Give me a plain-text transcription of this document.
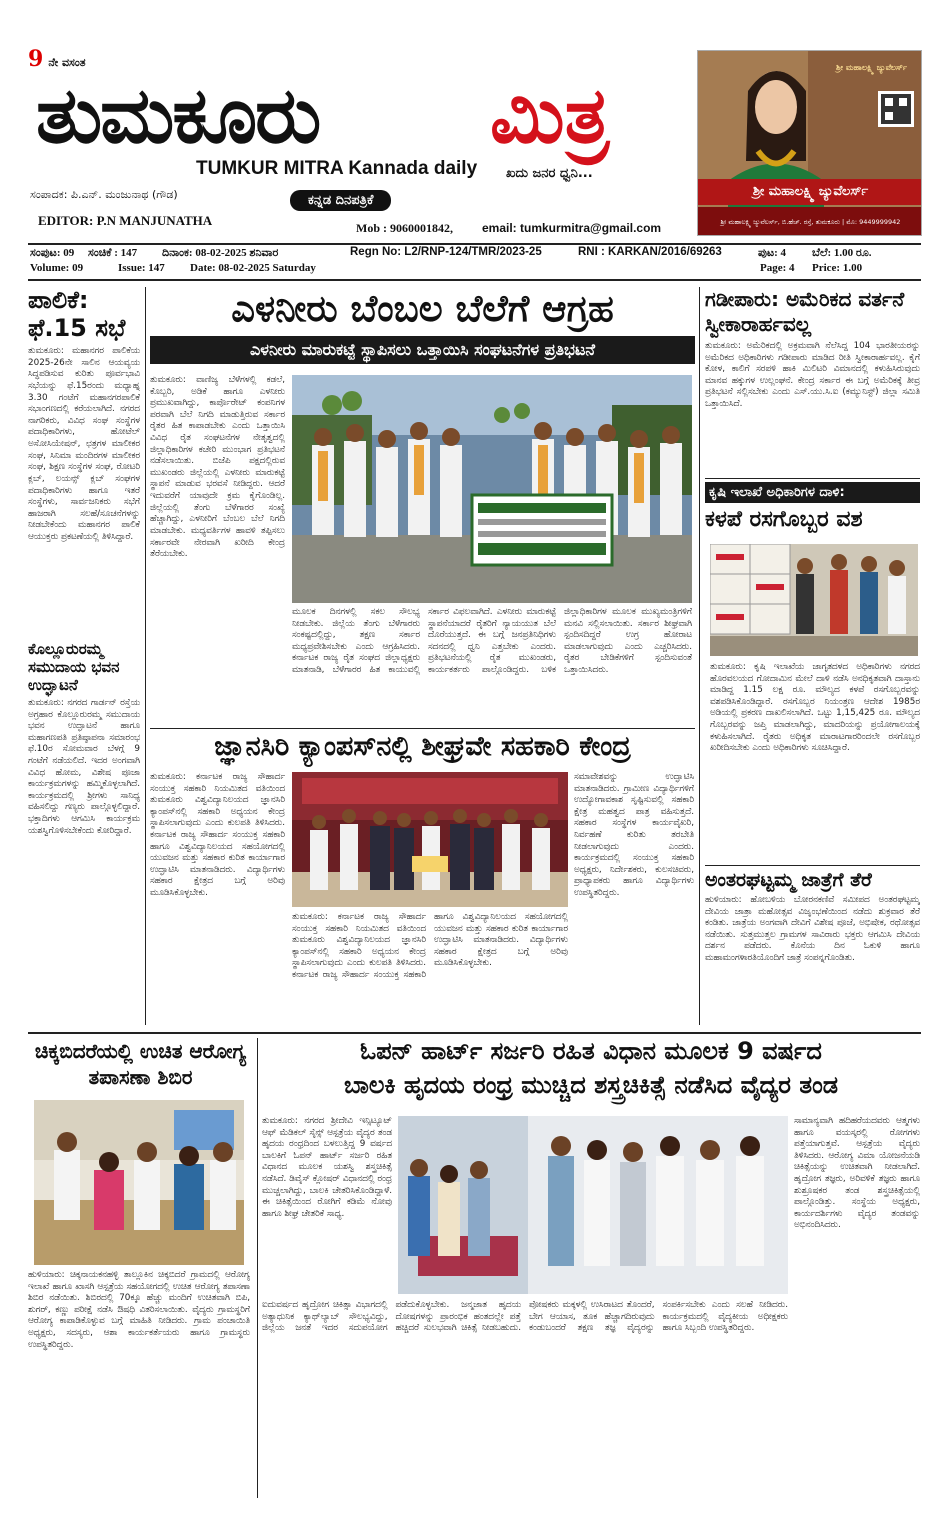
9 ನೇ ವಸಂತ
ತುಮಕೂರು ಮಿತ್ರ
TUMKUR MITRA Kannada daily ಖದು ಜನರ ಧ್ವನಿ...
ಸಂಪಾದಕ: ಪಿ.ಎನ್. ಮಂಜುನಾಥ (ಗೌಡ)	ಕನ್ನಡ ದಿನಪತ್ರಿಕೆ
EDITOR: P.N MANJUNATHA	Mob : 9060001842, email: tumkurmitra@gmail.com
ಶ್ರೀ ಮಹಾಲಕ್ಷ್ಮಿ ಜ್ಯುವೆಲರ್ಸ್
ಶ್ರೀ ಮಹಾಲಕ್ಷ್ಮಿ ಜ್ಯುವೆಲರ್ಸ್
ಶ್ರೀ ಮಹಾಲಕ್ಷ್ಮಿ ಜ್ಯುವೆಲರ್ಸ್, ಬಿ.ಹೆಚ್. ರಸ್ತೆ, ತುಮಕೂರು | ಮೊ: 9449999942
ಸಂಪುಟ: 09 ಸಂಚಿಕೆ : 147 ದಿನಾಂಕ: 08-02-2025 ಶನಿವಾರ	Regn No: L2/RNP-124/TMR/2023-25	RNI : KARKAN/2016/69263	ಪುಟ: 4 ಬೆಲೆ: 1.00 ರೂ.
Volume: 09	Issue: 147 Date: 08-02-2025 Saturday	Page: 4 Price: 1.00
ಪಾಲಿಕೆ: ಫೆ.15 ಸಭೆ
ತುಮಕೂರು: ಮಹಾನಗರ ಪಾಲಿಕೆಯ 2025-26ನೇ ಸಾಲಿನ ಆಯವ್ಯಯ ಸಿದ್ಧಪಡಿಸುವ ಕುರಿತು ಪೂರ್ವಭಾವಿ ಸಭೆಯನ್ನು ಫೆ.15ರಂದು ಮಧ್ಯಾಹ್ನ 3.30 ಗಂಟೆಗೆ ಮಹಾನಗರಪಾಲಿಕೆ ಸಭಾಂಗಣದಲ್ಲಿ ಕರೆಯಲಾಗಿದೆ. ನಗರದ ನಾಗರಿಕರು, ವಿವಿಧ ಸಂಘ ಸಂಸ್ಥೆಗಳ ಪದಾಧಿಕಾರಿಗಳು, ಹೋಟೆಲ್ ಅಸೋಸಿಯೇಷನ್, ಛತ್ರಗಳ ಮಾಲೀಕರ ಸಂಘ, ಸಿನಿಮಾ ಮಂದಿರಗಳ ಮಾಲೀಕರ ಸಂಘ, ಶಿಕ್ಷಣ ಸಂಸ್ಥೆಗಳ ಸಂಘ, ರೋಟರಿ ಕ್ಲಬ್, ಲಯನ್ಸ್ ಕ್ಲಬ್ ಸಂಘಗಳ ಪದಾಧಿಕಾರಿಗಳು ಹಾಗೂ ಇತರೆ ಸಂಸ್ಥೆಗಳು, ಸಾರ್ವಜನಿಕರು ಸಭೆಗೆ ಹಾಜರಾಗಿ ಸಲಹೆ/ಸೂಚನೆಗಳನ್ನು ನೀಡಬೇಕೆಂದು ಮಹಾನಗರ ಪಾಲಿಕೆ ಆಯುಕ್ತರು ಪ್ರಕಟಣೆಯಲ್ಲಿ ತಿಳಿಸಿದ್ದಾರೆ.
ಕೊಲ್ಲೂರುರಮ್ಮ ಸಮುದಾಯ ಭವನ ಉದ್ಘಾಟನೆ
ತುಮಕೂರು: ನಗರದ ಗಾರ್ಡನ್ ರಸ್ತೆಯ ಅಗ್ರಹಾರ ಕೊಲ್ಲೂರುರಮ್ಮ ಸಮುದಾಯ ಭವನ ಉದ್ಘಾಟನೆ ಹಾಗೂ ಮಹಾಗಣಪತಿ ಪ್ರತಿಷ್ಠಾಪನಾ ಸಮಾರಂಭ ಫೆ.10ರ ಸೋಮವಾರ ಬೆಳಗ್ಗೆ 9 ಗಂಟೆಗೆ ನಡೆಯಲಿದೆ. ಇದರ ಅಂಗವಾಗಿ ವಿವಿಧ ಹೋಮ, ವಿಶೇಷ ಪೂಜಾ ಕಾರ್ಯಕ್ರಮಗಳನ್ನು ಹಮ್ಮಿಕೊಳ್ಳಲಾಗಿದೆ. ಕಾರ್ಯಕ್ರಮದಲ್ಲಿ ಶ್ರೀಗಳು ಸಾನಿಧ್ಯ ವಹಿಸಲಿದ್ದು ಗಣ್ಯರು ಪಾಲ್ಗೊಳ್ಳಲಿದ್ದಾರೆ. ಭಕ್ತಾದಿಗಳು ಆಗಮಿಸಿ ಕಾರ್ಯಕ್ರಮ ಯಶಸ್ವಿಗೊಳಿಸಬೇಕೆಂದು ಕೋರಿದ್ದಾರೆ.
ಎಳನೀರು ಬೆಂಬಲ ಬೆಲೆಗೆ ಆಗ್ರಹ
ಎಳನೀರು ಮಾರುಕಟ್ಟೆ ಸ್ಥಾಪಿಸಲು ಒತ್ತಾಯಿಸಿ ಸಂಘಟನೆಗಳ ಪ್ರತಿಭಟನೆ
ತುಮಕೂರು: ವಾಣಿಜ್ಯ ಬೆಳೆಗಳಲ್ಲಿ ಕಡಲೆ, ಕೊಬ್ಬರಿ, ಅಡಿಕೆ ಹಾಗೂ ಎಳನೀರು ಪ್ರಮುಖವಾಗಿದ್ದು, ಕಾರ್ಪೊರೇಟ್ ಕಂಪನಿಗಳ ಪರವಾಗಿ ಬೆಲೆ ನಿಗದಿ ಮಾಡುತ್ತಿರುವ ಸರ್ಕಾರ ರೈತರ ಹಿತ ಕಾಪಾಡಬೇಕು ಎಂದು ಒತ್ತಾಯಿಸಿ ವಿವಿಧ ರೈತ ಸಂಘಟನೆಗಳ ನೇತೃತ್ವದಲ್ಲಿ ಜಿಲ್ಲಾಧಿಕಾರಿಗಳ ಕಚೇರಿ ಮುಂಭಾಗ ಪ್ರತಿಭಟನೆ ನಡೆಸಲಾಯಿತು. ಬಿಜೆಪಿ ಪಕ್ಷದಲ್ಲಿರುವ ಮುಖಂಡರು ಜಿಲ್ಲೆಯಲ್ಲಿ ಎಳನೀರು ಮಾರುಕಟ್ಟೆ ಸ್ಥಾಪನೆ ಮಾಡುವ ಭರವಸೆ ನೀಡಿದ್ದರು. ಆದರೆ ಇದುವರೆಗೆ ಯಾವುದೇ ಕ್ರಮ ಕೈಗೊಂಡಿಲ್ಲ. ಜಿಲ್ಲೆಯಲ್ಲಿ ತೆಂಗು ಬೆಳೆಗಾರರ ಸಂಖ್ಯೆ ಹೆಚ್ಚಾಗಿದ್ದು, ಎಳನೀರಿಗೆ ಬೆಂಬಲ ಬೆಲೆ ನಿಗದಿ ಮಾಡಬೇಕು. ಮಧ್ಯವರ್ತಿಗಳ ಹಾವಳಿ ತಪ್ಪಿಸಲು ಸರ್ಕಾರವೇ ನೇರವಾಗಿ ಖರೀದಿ ಕೇಂದ್ರ ತೆರೆಯಬೇಕು.
ಮೂಲಕ ದಿನಗಳಲ್ಲಿ ಸಕಲ ಸೌಲಭ್ಯ ನೀಡಬೇಕು. ಜಿಲ್ಲೆಯ ತೆಂಗು ಬೆಳೆಗಾರರು ಸಂಕಷ್ಟದಲ್ಲಿದ್ದು, ತಕ್ಷಣ ಸರ್ಕಾರ ಮಧ್ಯಪ್ರವೇಶಿಸಬೇಕು ಎಂದು ಆಗ್ರಹಿಸಿದರು. ಕರ್ನಾಟಕ ರಾಜ್ಯ ರೈತ ಸಂಘದ ಜಿಲ್ಲಾಧ್ಯಕ್ಷರು ಮಾತನಾಡಿ, ಬೆಳೆಗಾರರ ಹಿತ ಕಾಯುವಲ್ಲಿ ಸರ್ಕಾರ ವಿಫಲವಾಗಿದೆ. ಎಳನೀರು ಮಾರುಕಟ್ಟೆ ಸ್ಥಾಪನೆಯಾದರೆ ರೈತರಿಗೆ ನ್ಯಾಯಯುತ ಬೆಲೆ ದೊರೆಯುತ್ತದೆ. ಈ ಬಗ್ಗೆ ಜನಪ್ರತಿನಿಧಿಗಳು ಸದನದಲ್ಲಿ ಧ್ವನಿ ಎತ್ತಬೇಕು ಎಂದರು. ಪ್ರತಿಭಟನೆಯಲ್ಲಿ ರೈತ ಮುಖಂಡರು, ಕಾರ್ಯಕರ್ತರು ಪಾಲ್ಗೊಂಡಿದ್ದರು. ಬಳಿಕ ಜಿಲ್ಲಾಧಿಕಾರಿಗಳ ಮೂಲಕ ಮುಖ್ಯಮಂತ್ರಿಗಳಿಗೆ ಮನವಿ ಸಲ್ಲಿಸಲಾಯಿತು. ಸರ್ಕಾರ ಶೀಘ್ರವಾಗಿ ಸ್ಪಂದಿಸದಿದ್ದರೆ ಉಗ್ರ ಹೋರಾಟ ಮಾಡಲಾಗುವುದು ಎಂದು ಎಚ್ಚರಿಸಿದರು. ರೈತರ ಬೇಡಿಕೆಗಳಿಗೆ ಸ್ಪಂದಿಸುವಂತೆ ಒತ್ತಾಯಿಸಿದರು.
ಗಡೀಪಾರು: ಅಮೆರಿಕದ ವರ್ತನೆ ಸ್ವೀಕಾರಾರ್ಹವಲ್ಲ
ತುಮಕೂರು: ಅಮೆರಿಕದಲ್ಲಿ ಅಕ್ರಮವಾಗಿ ನೆಲೆಸಿದ್ದ 104 ಭಾರತೀಯರನ್ನು ಅಮೆರಿಕದ ಅಧಿಕಾರಿಗಳು ಗಡೀಪಾರು ಮಾಡಿದ ರೀತಿ ಸ್ವೀಕಾರಾರ್ಹವಲ್ಲ. ಕೈಗೆ ಕೋಳ, ಕಾಲಿಗೆ ಸರಪಳಿ ಹಾಕಿ ಮಿಲಿಟರಿ ವಿಮಾನದಲ್ಲಿ ಕಳುಹಿಸಿರುವುದು ಮಾನವ ಹಕ್ಕುಗಳ ಉಲ್ಲಂಘನೆ. ಕೇಂದ್ರ ಸರ್ಕಾರ ಈ ಬಗ್ಗೆ ಅಮೆರಿಕಕ್ಕೆ ತೀವ್ರ ಪ್ರತಿಭಟನೆ ಸಲ್ಲಿಸಬೇಕು ಎಂದು ಎಸ್.ಯು.ಸಿ.ಐ (ಕಮ್ಯುನಿಸ್ಟ್) ಜಿಲ್ಲಾ ಸಮಿತಿ ಒತ್ತಾಯಿಸಿದೆ.
ಕೃಷಿ ಇಲಾಖೆ ಅಧಿಕಾರಿಗಳ ದಾಳಿ:
ಕಳಪೆ ರಸಗೊಬ್ಬರ ವಶ
ತುಮಕೂರು: ಕೃಷಿ ಇಲಾಖೆಯ ಜಾಗೃತದಳದ ಅಧಿಕಾರಿಗಳು ನಗರದ ಹೊರವಲಯದ ಗೋದಾಮಿನ ಮೇಲೆ ದಾಳಿ ನಡೆಸಿ ಅನಧಿಕೃತವಾಗಿ ದಾಸ್ತಾನು ಮಾಡಿದ್ದ 1.15 ಲಕ್ಷ ರೂ. ಮೌಲ್ಯದ ಕಳಪೆ ರಸಗೊಬ್ಬರವನ್ನು ವಶಪಡಿಸಿಕೊಂಡಿದ್ದಾರೆ. ರಸಗೊಬ್ಬರ ನಿಯಂತ್ರಣ ಆದೇಶ 1985ರ ಅಡಿಯಲ್ಲಿ ಪ್ರಕರಣ ದಾಖಲಿಸಲಾಗಿದೆ. ಒಟ್ಟು 1,15,425 ರೂ. ಮೌಲ್ಯದ ಗೊಬ್ಬರವನ್ನು ಜಪ್ತಿ ಮಾಡಲಾಗಿದ್ದು, ಮಾದರಿಯನ್ನು ಪ್ರಯೋಗಾಲಯಕ್ಕೆ ಕಳುಹಿಸಲಾಗಿದೆ. ರೈತರು ಅಧಿಕೃತ ಮಾರಾಟಗಾರರಿಂದಲೇ ರಸಗೊಬ್ಬರ ಖರೀದಿಸಬೇಕು ಎಂದು ಅಧಿಕಾರಿಗಳು ಸೂಚಿಸಿದ್ದಾರೆ.
ಅಂತರಘಟ್ಟಮ್ಮ ಜಾತ್ರೆಗೆ ತೆರೆ
ಹುಳಿಯಾರು: ಹೋಬಳಿಯ ಬೋರನಕಣಿವೆ ಸಮೀಪದ ಅಂತರಘಟ್ಟಮ್ಮ ದೇವಿಯ ಜಾತ್ರಾ ಮಹೋತ್ಸವ ವಿಜೃಂಭಣೆಯಿಂದ ನಡೆದು ಶುಕ್ರವಾರ ತೆರೆ ಕಂಡಿತು. ಜಾತ್ರೆಯ ಅಂಗವಾಗಿ ದೇವಿಗೆ ವಿಶೇಷ ಪೂಜೆ, ಅಭಿಷೇಕ, ರಥೋತ್ಸವ ನಡೆಯಿತು. ಸುತ್ತಮುತ್ತಲ ಗ್ರಾಮಗಳ ಸಾವಿರಾರು ಭಕ್ತರು ಆಗಮಿಸಿ ದೇವಿಯ ದರ್ಶನ ಪಡೆದರು. ಕೊನೆಯ ದಿನ ಓಕುಳಿ ಹಾಗೂ ಮಹಾಮಂಗಳಾರತಿಯೊಂದಿಗೆ ಜಾತ್ರೆ ಸಂಪನ್ನಗೊಂಡಿತು.
ಜ್ಞಾನಸಿರಿ ಕ್ಯಾಂಪಸ್‌ನಲ್ಲಿ ಶೀಘ್ರವೇ ಸಹಕಾರಿ ಕೇಂದ್ರ
ತುಮಕೂರು: ಕರ್ನಾಟಕ ರಾಜ್ಯ ಸೌಹಾರ್ದ ಸಂಯುಕ್ತ ಸಹಕಾರಿ ನಿಯಮಿತದ ವತಿಯಿಂದ ತುಮಕೂರು ವಿಶ್ವವಿದ್ಯಾನಿಲಯದ ಜ್ಞಾನಸಿರಿ ಕ್ಯಾಂಪಸ್‌ನಲ್ಲಿ ಸಹಕಾರಿ ಅಧ್ಯಯನ ಕೇಂದ್ರ ಸ್ಥಾಪಿಸಲಾಗುವುದು ಎಂದು ಕುಲಪತಿ ತಿಳಿಸಿದರು. ಕರ್ನಾಟಕ ರಾಜ್ಯ ಸೌಹಾರ್ದ ಸಂಯುಕ್ತ ಸಹಕಾರಿ ಹಾಗೂ ವಿಶ್ವವಿದ್ಯಾನಿಲಯದ ಸಹಯೋಗದಲ್ಲಿ ಯುವಜನ ಮತ್ತು ಸಹಕಾರ ಕುರಿತ ಕಾರ್ಯಾಗಾರ ಉದ್ಘಾಟಿಸಿ ಮಾತನಾಡಿದರು. ವಿದ್ಯಾರ್ಥಿಗಳು ಸಹಕಾರ ಕ್ಷೇತ್ರದ ಬಗ್ಗೆ ಅರಿವು ಮೂಡಿಸಿಕೊಳ್ಳಬೇಕು.
ಸಮಾವೇಶವನ್ನು ಉದ್ಘಾಟಿಸಿ ಮಾತನಾಡಿದರು. ಗ್ರಾಮೀಣ ವಿದ್ಯಾರ್ಥಿಗಳಿಗೆ ಉದ್ಯೋಗಾವಕಾಶ ಸೃಷ್ಟಿಸುವಲ್ಲಿ ಸಹಕಾರಿ ಕ್ಷೇತ್ರ ಮಹತ್ವದ ಪಾತ್ರ ವಹಿಸುತ್ತದೆ. ಸಹಕಾರ ಸಂಸ್ಥೆಗಳ ಕಾರ್ಯವೈಖರಿ, ನಿರ್ವಹಣೆ ಕುರಿತು ತರಬೇತಿ ನೀಡಲಾಗುವುದು ಎಂದರು. ಕಾರ್ಯಕ್ರಮದಲ್ಲಿ ಸಂಯುಕ್ತ ಸಹಕಾರಿ ಅಧ್ಯಕ್ಷರು, ನಿರ್ದೇಶಕರು, ಕುಲಸಚಿವರು, ಪ್ರಾಧ್ಯಾಪಕರು ಹಾಗೂ ವಿದ್ಯಾರ್ಥಿಗಳು ಉಪಸ್ಥಿತರಿದ್ದರು.
ತುಮಕೂರು: ಕರ್ನಾಟಕ ರಾಜ್ಯ ಸೌಹಾರ್ದ ಸಂಯುಕ್ತ ಸಹಕಾರಿ ನಿಯಮಿತದ ವತಿಯಿಂದ ತುಮಕೂರು ವಿಶ್ವವಿದ್ಯಾನಿಲಯದ ಜ್ಞಾನಸಿರಿ ಕ್ಯಾಂಪಸ್‌ನಲ್ಲಿ ಸಹಕಾರಿ ಅಧ್ಯಯನ ಕೇಂದ್ರ ಸ್ಥಾಪಿಸಲಾಗುವುದು ಎಂದು ಕುಲಪತಿ ತಿಳಿಸಿದರು. ಕರ್ನಾಟಕ ರಾಜ್ಯ ಸೌಹಾರ್ದ ಸಂಯುಕ್ತ ಸಹಕಾರಿ ಹಾಗೂ ವಿಶ್ವವಿದ್ಯಾನಿಲಯದ ಸಹಯೋಗದಲ್ಲಿ ಯುವಜನ ಮತ್ತು ಸಹಕಾರ ಕುರಿತ ಕಾರ್ಯಾಗಾರ ಉದ್ಘಾಟಿಸಿ ಮಾತನಾಡಿದರು. ವಿದ್ಯಾರ್ಥಿಗಳು ಸಹಕಾರ ಕ್ಷೇತ್ರದ ಬಗ್ಗೆ ಅರಿವು ಮೂಡಿಸಿಕೊಳ್ಳಬೇಕು.
ಚಿಕ್ಕಬಿದರೆಯಲ್ಲಿ ಉಚಿತ ಆರೋಗ್ಯ ತಪಾಸಣಾ ಶಿಬಿರ
ಹುಳಿಯಾರು: ಚಿಕ್ಕನಾಯಕನಹಳ್ಳಿ ತಾಲ್ಲೂಕಿನ ಚಿಕ್ಕಬಿದರೆ ಗ್ರಾಮದಲ್ಲಿ ಆರೋಗ್ಯ ಇಲಾಖೆ ಹಾಗೂ ಖಾಸಗಿ ಆಸ್ಪತ್ರೆಯ ಸಹಯೋಗದಲ್ಲಿ ಉಚಿತ ಆರೋಗ್ಯ ತಪಾಸಣಾ ಶಿಬಿರ ನಡೆಯಿತು. ಶಿಬಿರದಲ್ಲಿ 70ಕ್ಕೂ ಹೆಚ್ಚು ಮಂದಿಗೆ ಉಚಿತವಾಗಿ ಬಿಪಿ, ಶುಗರ್, ಕಣ್ಣು ಪರೀಕ್ಷೆ ನಡೆಸಿ ಔಷಧಿ ವಿತರಿಸಲಾಯಿತು. ವೈದ್ಯರು ಗ್ರಾಮಸ್ಥರಿಗೆ ಆರೋಗ್ಯ ಕಾಪಾಡಿಕೊಳ್ಳುವ ಬಗ್ಗೆ ಮಾಹಿತಿ ನೀಡಿದರು. ಗ್ರಾಮ ಪಂಚಾಯಿತಿ ಅಧ್ಯಕ್ಷರು, ಸದಸ್ಯರು, ಆಶಾ ಕಾರ್ಯಕರ್ತೆಯರು ಹಾಗೂ ಗ್ರಾಮಸ್ಥರು ಉಪಸ್ಥಿತರಿದ್ದರು.
ಓಪನ್ ಹಾರ್ಟ್ ಸರ್ಜರಿ ರಹಿತ ವಿಧಾನ ಮೂಲಕ 9 ವರ್ಷದ
ಬಾಲಕಿ ಹೃದಯ ರಂಧ್ರ ಮುಚ್ಚಿದ ಶಸ್ತ್ರಚಿಕಿತ್ಸೆ ನಡೆಸಿದ ವೈದ್ಯರ ತಂಡ
ತುಮಕೂರು: ನಗರದ ಶ್ರೀದೇವಿ ಇನ್ಸಿಟ್ಯೂಟ್ ಆಫ್ ಮೆಡಿಕಲ್ ಸೈನ್ಸ್ ಆಸ್ಪತ್ರೆಯ ವೈದ್ಯರ ತಂಡ ಹೃದಯ ರಂಧ್ರದಿಂದ ಬಳಲುತ್ತಿದ್ದ 9 ವರ್ಷದ ಬಾಲಕಿಗೆ ಓಪನ್ ಹಾರ್ಟ್ ಸರ್ಜರಿ ರಹಿತ ವಿಧಾನದ ಮೂಲಕ ಯಶಸ್ವಿ ಶಸ್ತ್ರಚಿಕಿತ್ಸೆ ನಡೆಸಿದೆ. ಡಿವೈಸ್ ಕ್ಲೋಷರ್ ವಿಧಾನದಲ್ಲಿ ರಂಧ್ರ ಮುಚ್ಚಲಾಗಿದ್ದು, ಬಾಲಕಿ ಚೇತರಿಸಿಕೊಂಡಿದ್ದಾಳೆ. ಈ ಚಿಕಿತ್ಸೆಯಿಂದ ರೋಗಿಗೆ ಕಡಿಮೆ ನೋವು ಹಾಗೂ ಶೀಘ್ರ ಚೇತರಿಕೆ ಸಾಧ್ಯ.
ಸಾಮಾನ್ಯವಾಗಿ ಹದಿಹರೆಯದವರು ಆತ್ಮಗಳು ಹಾಗೂ ವಯಸ್ಕರಲ್ಲಿ ರೋಗಗಳು ಪತ್ತೆಯಾಗುತ್ತವೆ. ಆಸ್ಪತ್ರೆಯ ವೈದ್ಯರು ತಿಳಿಸಿದರು. ಆರೋಗ್ಯ ವಿಮಾ ಯೋಜನೆಯಡಿ ಚಿಕಿತ್ಸೆಯನ್ನು ಉಚಿತವಾಗಿ ನೀಡಲಾಗಿದೆ. ಹೃದ್ರೋಗ ತಜ್ಞರು, ಅರಿವಳಿಕೆ ತಜ್ಞರು ಹಾಗೂ ಶುಶ್ರೂಷಕರ ತಂಡ ಶಸ್ತ್ರಚಿಕಿತ್ಸೆಯಲ್ಲಿ ಪಾಲ್ಗೊಂಡಿತ್ತು. ಸಂಸ್ಥೆಯ ಅಧ್ಯಕ್ಷರು, ಕಾರ್ಯದರ್ಶಿಗಳು ವೈದ್ಯರ ತಂಡವನ್ನು ಅಭಿನಂದಿಸಿದರು.
ಐದುವರ್ಷದ ಹೃದ್ರೋಗ ಚಿಕಿತ್ಸಾ ವಿಭಾಗದಲ್ಲಿ ಅತ್ಯಾಧುನಿಕ ಕ್ಯಾಥ್‌ಲ್ಯಾಬ್ ಸೌಲಭ್ಯವಿದ್ದು, ಜಿಲ್ಲೆಯ ಜನತೆ ಇದರ ಸದುಪಯೋಗ ಪಡೆದುಕೊಳ್ಳಬೇಕು. ಜನ್ಮಜಾತ ಹೃದಯ ದೋಷಗಳನ್ನು ಪ್ರಾರಂಭಿಕ ಹಂತದಲ್ಲೇ ಪತ್ತೆ ಹಚ್ಚಿದರೆ ಸುಲಭವಾಗಿ ಚಿಕಿತ್ಸೆ ನೀಡಬಹುದು. ಪೋಷಕರು ಮಕ್ಕಳಲ್ಲಿ ಉಸಿರಾಟದ ತೊಂದರೆ, ಬೇಗ ಆಯಾಸ, ತೂಕ ಹೆಚ್ಚಾಗದಿರುವುದು ಕಂಡುಬಂದರೆ ತಕ್ಷಣ ತಜ್ಞ ವೈದ್ಯರನ್ನು ಸಂಪರ್ಕಿಸಬೇಕು ಎಂದು ಸಲಹೆ ನೀಡಿದರು. ಕಾರ್ಯಕ್ರಮದಲ್ಲಿ ವೈದ್ಯಕೀಯ ಅಧೀಕ್ಷಕರು ಹಾಗೂ ಸಿಬ್ಬಂದಿ ಉಪಸ್ಥಿತರಿದ್ದರು.
